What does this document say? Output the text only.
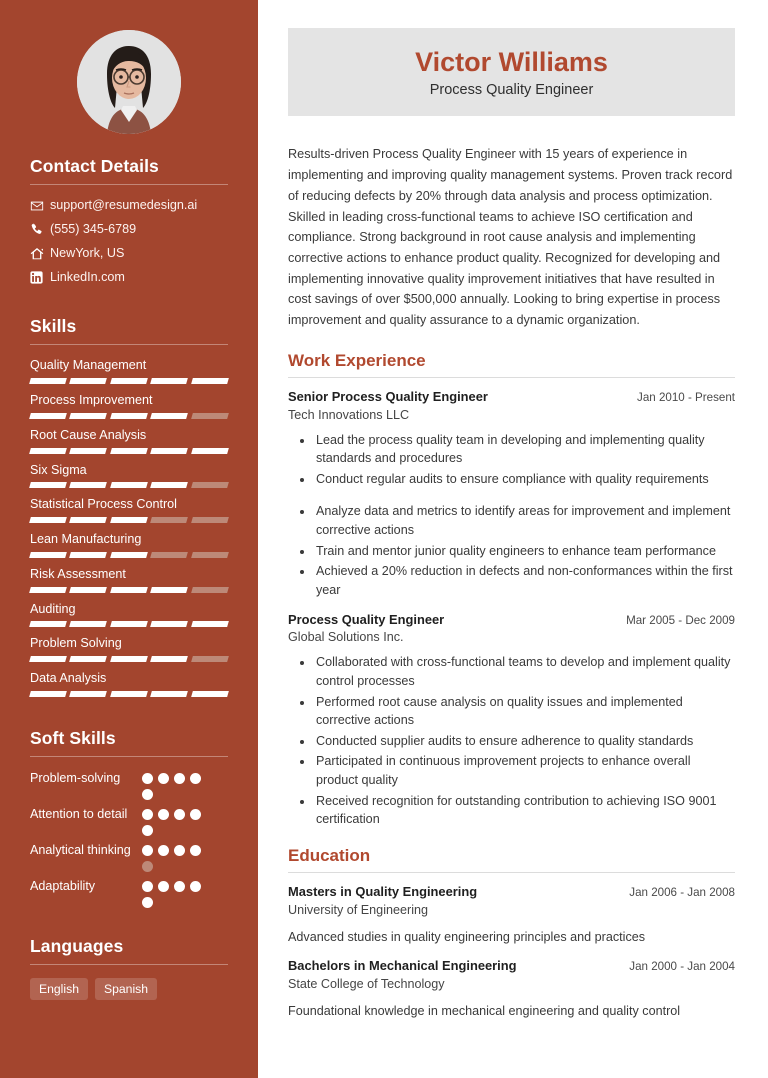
Contact Details
support@resumedesign.ai
(555) 345-6789
NewYork, US
LinkedIn.com
Skills
Quality Management
Process Improvement
Root Cause Analysis
Six Sigma
Statistical Process Control
Lean Manufacturing
Risk Assessment
Auditing
Problem Solving
Data Analysis
Soft Skills
Problem-solving
Attention to detail
Analytical thinking
Adaptability
Languages
English	Spanish
Victor Williams
Process Quality Engineer
Results-driven Process Quality Engineer with 15 years of experience in implementing and improving quality management systems. Proven track record of reducing defects by 20% through data analysis and process optimization. Skilled in leading cross-functional teams to achieve ISO certification and compliance. Strong background in root cause analysis and implementing corrective actions to enhance product quality. Recognized for developing and implementing innovative quality improvement initiatives that have resulted in cost savings of over $500,000 annually. Looking to bring expertise in process improvement and quality assurance to a dynamic organization.
Work Experience
Senior Process Quality Engineer	Jan 2010 - Present
Tech Innovations LLC
• Lead the process quality team in developing and implementing quality standards and procedures
• Conduct regular audits to ensure compliance with quality requirements
• Analyze data and metrics to identify areas for improvement and implement corrective actions
• Train and mentor junior quality engineers to enhance team performance
• Achieved a 20% reduction in defects and non-conformances within the first year
Process Quality Engineer	Mar 2005 - Dec 2009
Global Solutions Inc.
• Collaborated with cross-functional teams to develop and implement quality control processes
• Performed root cause analysis on quality issues and implemented corrective actions
• Conducted supplier audits to ensure adherence to quality standards
• Participated in continuous improvement projects to enhance overall product quality
• Received recognition for outstanding contribution to achieving ISO 9001 certification
Education
Masters in Quality Engineering	Jan 2006 - Jan 2008
University of Engineering
Advanced studies in quality engineering principles and practices
Bachelors in Mechanical Engineering	Jan 2000 - Jan 2004
State College of Technology
Foundational knowledge in mechanical engineering and quality control
